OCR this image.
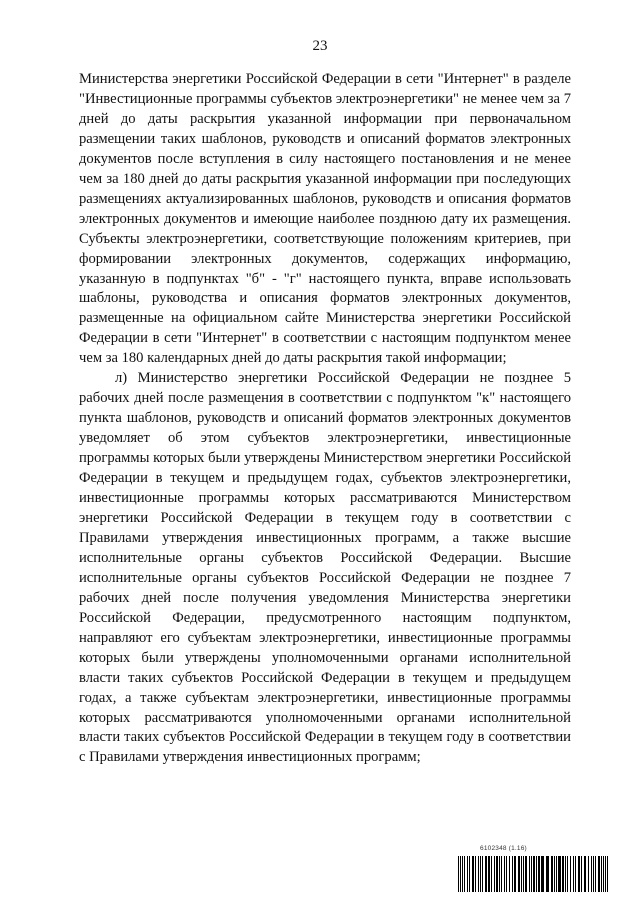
23

Министерства энергетики Российской Федерации в сети "Интернет" в разделе "Инвестиционные программы субъектов электроэнергетики" не менее чем за 7 дней до даты раскрытия указанной информации при первоначальном размещении таких шаблонов, руководств и описаний форматов электронных документов после вступления в силу настоящего постановления и не менее чем за 180 дней до даты раскрытия указанной информации при последующих размещениях актуализированных шаблонов, руководств и описания форматов электронных документов и имеющие наиболее позднюю дату их размещения. Субъекты электроэнергетики, соответствующие положениям критериев, при формировании электронных документов, содержащих информацию, указанную в подпунктах "б" - "г" настоящего пункта, вправе использовать шаблоны, руководства и описания форматов электронных документов, размещенные на официальном сайте Министерства энергетики Российской Федерации в сети "Интернет" в соответствии с настоящим подпунктом менее чем за 180 календарных дней до даты раскрытия такой информации;

л) Министерство энергетики Российской Федерации не позднее 5 рабочих дней после размещения в соответствии с подпунктом "к" настоящего пункта шаблонов, руководств и описаний форматов электронных документов уведомляет об этом субъектов электроэнергетики, инвестиционные программы которых были утверждены Министерством энергетики Российской Федерации в текущем и предыдущем годах, субъектов электроэнергетики, инвестиционные программы которых рассматриваются Министерством энергетики Российской Федерации в текущем году в соответствии с Правилами утверждения инвестиционных программ, а также высшие исполнительные органы субъектов Российской Федерации. Высшие исполнительные органы субъектов Российской Федерации не позднее 7 рабочих дней после получения уведомления Министерства энергетики Российской Федерации, предусмотренного настоящим подпунктом, направляют его субъектам электроэнергетики, инвестиционные программы которых были утверждены уполномоченными органами исполнительной власти таких субъектов Российской Федерации в текущем и предыдущем годах, а также субъектам электроэнергетики, инвестиционные программы которых рассматриваются уполномоченными органами исполнительной власти таких субъектов Российской Федерации в текущем году в соответствии с Правилами утверждения инвестиционных программ;

6102348 (1.16)
